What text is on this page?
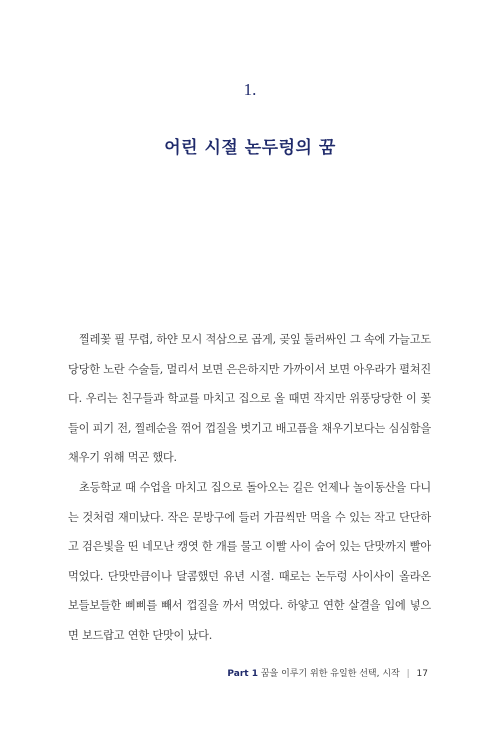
1.
어린 시절 논두렁의 꿈

찔레꽃 필 무렵, 하얀 모시 적삼으로 곱게, 곶잎 둘러싸인 그 속에 가늘고도 당당한 노란 수술들, 멀리서 보면 은은하지만 가까이서 보면 아우라가 펼쳐진다. 우리는 친구들과 학교를 마치고 집으로 올 때면 작지만 위풍당당한 이 꽃들이 피기 전, 찔레순을 꺾어 껍질을 벗기고 배고픔을 채우기보다는 심심함을 채우기 위해 먹곤 했다.

초등학교 때 수업을 마치고 집으로 돌아오는 길은 언제나 놀이동산을 다니는 것처럼 재미났다. 작은 문방구에 들러 가끔씩만 먹을 수 있는 작고 단단하고 검은빛을 띤 네모난 캥엿 한 개를 물고 이빨 사이 숨어 있는 단맛까지 빨아먹었다. 단맛만큼이나 달콤했던 유년 시절. 때로는 논두렁 사이사이 올라온 보들보들한 삐삐를 빼서 껍질을 까서 먹었다. 하얗고 연한 살결을 입에 넣으면 보드랍고 연한 단맛이 났다.

Part 1 꿈을 이루기 위한 유일한 선택, 시작 | 17
